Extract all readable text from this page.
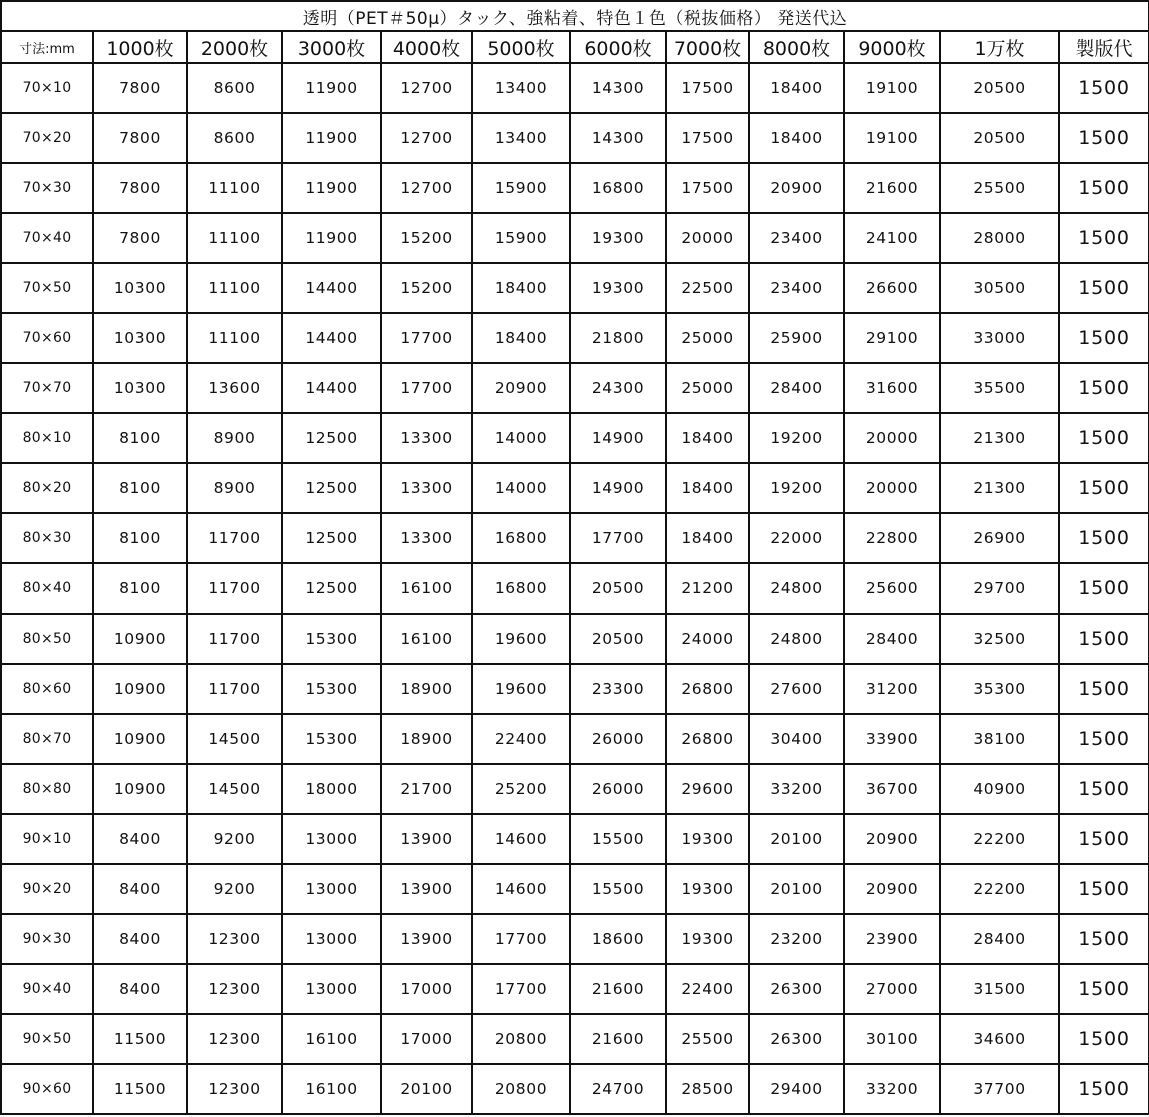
透明（PET＃50μ）タック、強粘着、特色１色（税抜価格） 発送代込											
寸法:mm	1000枚	2000枚	3000枚	4000枚	5000枚	6000枚	7000枚	8000枚	9000枚	1万枚	製版代
70×10	7800	8600	11900	12700	13400	14300	17500	18400	19100	20500	1500
70×20	7800	8600	11900	12700	13400	14300	17500	18400	19100	20500	1500
70×30	7800	11100	11900	12700	15900	16800	17500	20900	21600	25500	1500
70×40	7800	11100	11900	15200	15900	19300	20000	23400	24100	28000	1500
70×50	10300	11100	14400	15200	18400	19300	22500	23400	26600	30500	1500
70×60	10300	11100	14400	17700	18400	21800	25000	25900	29100	33000	1500
70×70	10300	13600	14400	17700	20900	24300	25000	28400	31600	35500	1500
80×10	8100	8900	12500	13300	14000	14900	18400	19200	20000	21300	1500
80×20	8100	8900	12500	13300	14000	14900	18400	19200	20000	21300	1500
80×30	8100	11700	12500	13300	16800	17700	18400	22000	22800	26900	1500
80×40	8100	11700	12500	16100	16800	20500	21200	24800	25600	29700	1500
80×50	10900	11700	15300	16100	19600	20500	24000	24800	28400	32500	1500
80×60	10900	11700	15300	18900	19600	23300	26800	27600	31200	35300	1500
80×70	10900	14500	15300	18900	22400	26000	26800	30400	33900	38100	1500
80×80	10900	14500	18000	21700	25200	26000	29600	33200	36700	40900	1500
90×10	8400	9200	13000	13900	14600	15500	19300	20100	20900	22200	1500
90×20	8400	9200	13000	13900	14600	15500	19300	20100	20900	22200	1500
90×30	8400	12300	13000	13900	17700	18600	19300	23200	23900	28400	1500
90×40	8400	12300	13000	17000	17700	21600	22400	26300	27000	31500	1500
90×50	11500	12300	16100	17000	20800	21600	25500	26300	30100	34600	1500
90×60	11500	12300	16100	20100	20800	24700	28500	29400	33200	37700	1500
